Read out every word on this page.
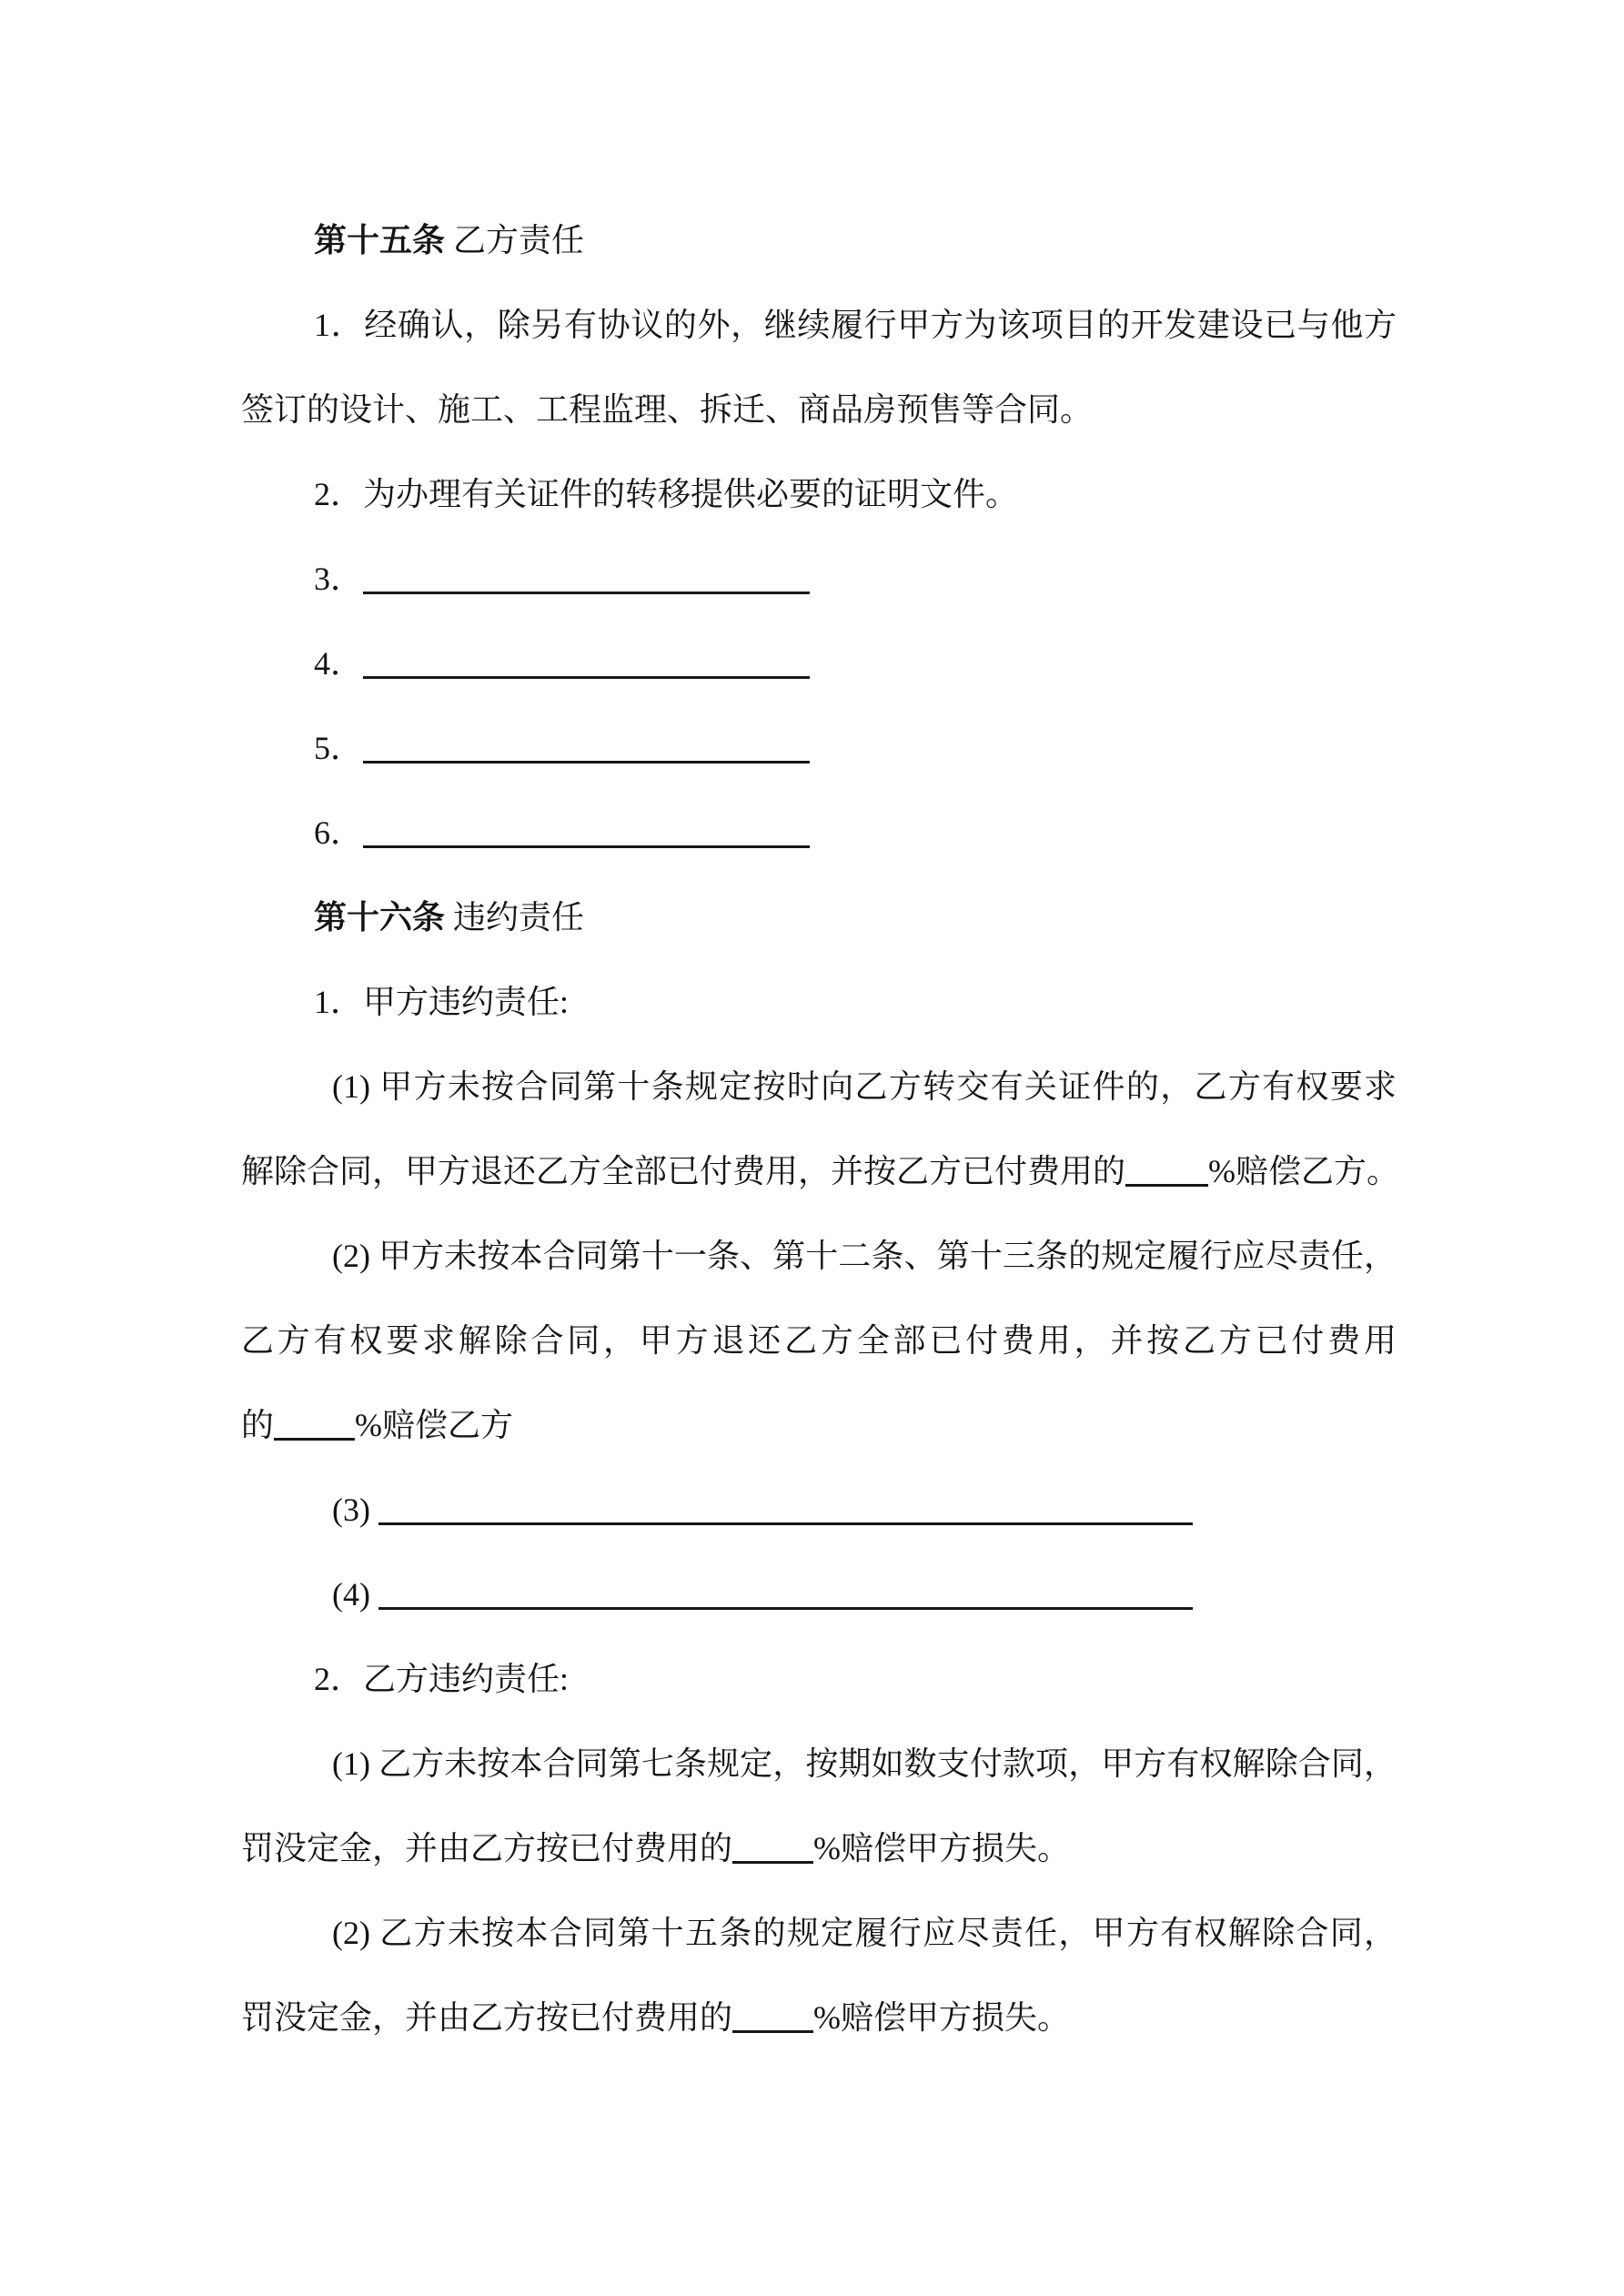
第十五条 乙方责任
1．经确认，除另有协议的外，继续履行甲方为该项目的开发建设已与他方
签订的设计、施工、工程监理、拆迁、商品房预售等合同。
2．为办理有关证件的转移提供必要的证明文件。
3．
4．
5．
6．
第十六条 违约责任
1．甲方违约责任:
(1) 甲方未按合同第十条规定按时向乙方转交有关证件的，乙方有权要求
解除合同，甲方退还乙方全部已付费用，并按乙方已付费用的	%赔偿乙方。
(2) 甲方未按本合同第十一条、第十二条、第十三条的规定履行应尽责任，
乙方有权要求解除合同，甲方退还乙方全部已付费用，并按乙方已付费用
的 %赔偿乙方
(3)
(4)
2．乙方违约责任:
(1) 乙方未按本合同第七条规定，按期如数支付款项，甲方有权解除合同，
罚没定金，并由乙方按已付费用的 %赔偿甲方损失。
(2) 乙方未按本合同第十五条的规定履行应尽责任，甲方有权解除合同，
罚没定金，并由乙方按已付费用的 %赔偿甲方损失。
